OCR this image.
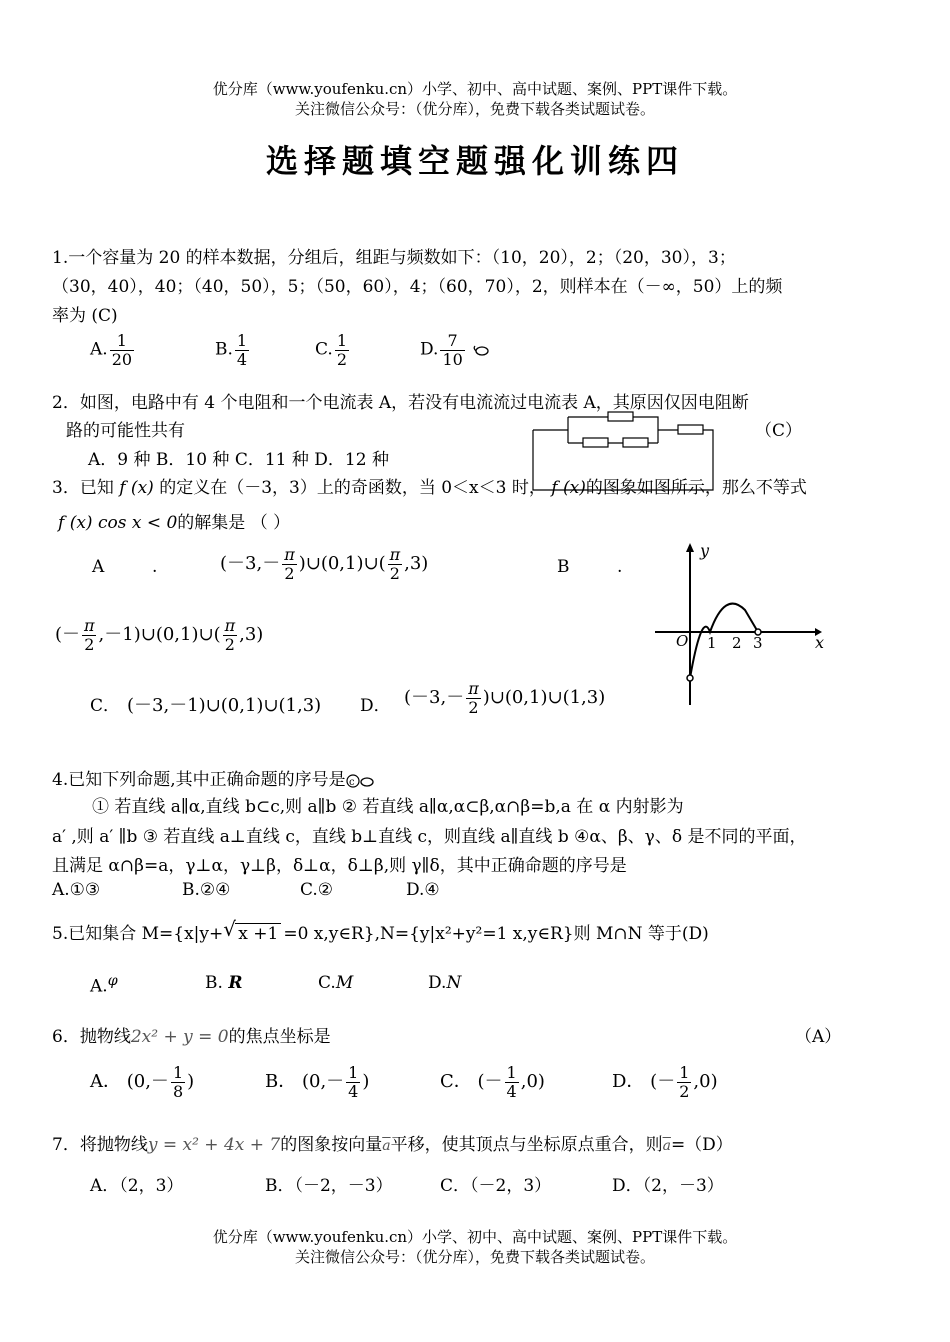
优分库（www.youfenku.cn）小学、初中、高中试题、案例、PPT课件下载。
关注微信公众号：（优分库），免费下载各类试题试卷。
选择题填空题强化训练四
1.一个容量为 20 的样本数据，分组后，组距与频数如下：（10，20），2；（20，30），3；
（30，40），40；（40，50），5；（50，60），4；（60，70），2，则样本在（－∞，50）上的频
率为 (C)
A. $\frac{1}{20}$	B. $\frac{1}{4}$	C. $\frac{1}{2}$	D. $\frac{7}{10}$

2．如图，电路中有 4 个电阻和一个电流表 A，若没有电流流过电流表 A，其原因仅因电阻断
路的可能性共有	（C）
A．9 种 B．10 种 C．11 种 D．12 种
3．已知 f (x) 的定义在（－3，3）上的奇函数，当 0＜x＜3 时， f (x)的图象如图所示，那么不等式
f (x) cos x < 0的解集是 （ ）
A	.	($-3,- \frac{\pi}{2}$ )∪(0,1)∪( $\frac{\pi}{2} ,3$)	B	.
(－ $\frac{\pi}{2}$ ,－1)∪(0,1)∪( $\frac{\pi}{2} ,3$)
C． (－3,－1)∪(0,1)∪(1,3) D． ($-3,- \frac{\pi}{2}$ )∪(0,1)∪(1,3)
y
x
O 1 2 3
4.已知下列命题,其中正确命题的序号是 c
① 若直线 a∥α,直线 b⊂c,则 a∥b ② 若直线 a∥α,α⊂β,α∩β=b,a 在 α 内射影为
a′ ,则 a′ ∥b ③ 若直线 a⊥直线 c，直线 b⊥直线 c，则直线 a∥直线 b ④α、β、γ、δ 是不同的平面，
且满足 α∩β=a，γ⊥α，γ⊥β，δ⊥α，δ⊥β,则 γ∥δ，其中正确命题的序号是
A.①③	B.②④	C.②	D.④
5.已知集合 M={x|y+ √ x +1 =0 x,y∈R},N={y|x²+y²=1 x,y∈R}则 M∩N 等于(D)
A.$^\varphi$	B. R	C.M	D.N
6．抛物线2x² + y = 0的焦点坐标是	（A）
A． ($0,- \frac{1}{8}$ )	B． ($0,- \frac{1}{4}$ )	C． (－ $\frac{1}{4} ,0$)	D． (－ $\frac{1}{2} ,0$)
7．将抛物线y = x² + 4x + 7的图象按向量$\overline{a}$平移，使其顶点与坐标原点重合，则$\overline{a}=(D)$
A．（2，3）	B．（－2，－3）	C．（－2，3）	D．（2，－3）
优分库（www.youfenku.cn）小学、初中、高中试题、案例、PPT课件下载。
关注微信公众号：（优分库），免费下载各类试题试卷。
